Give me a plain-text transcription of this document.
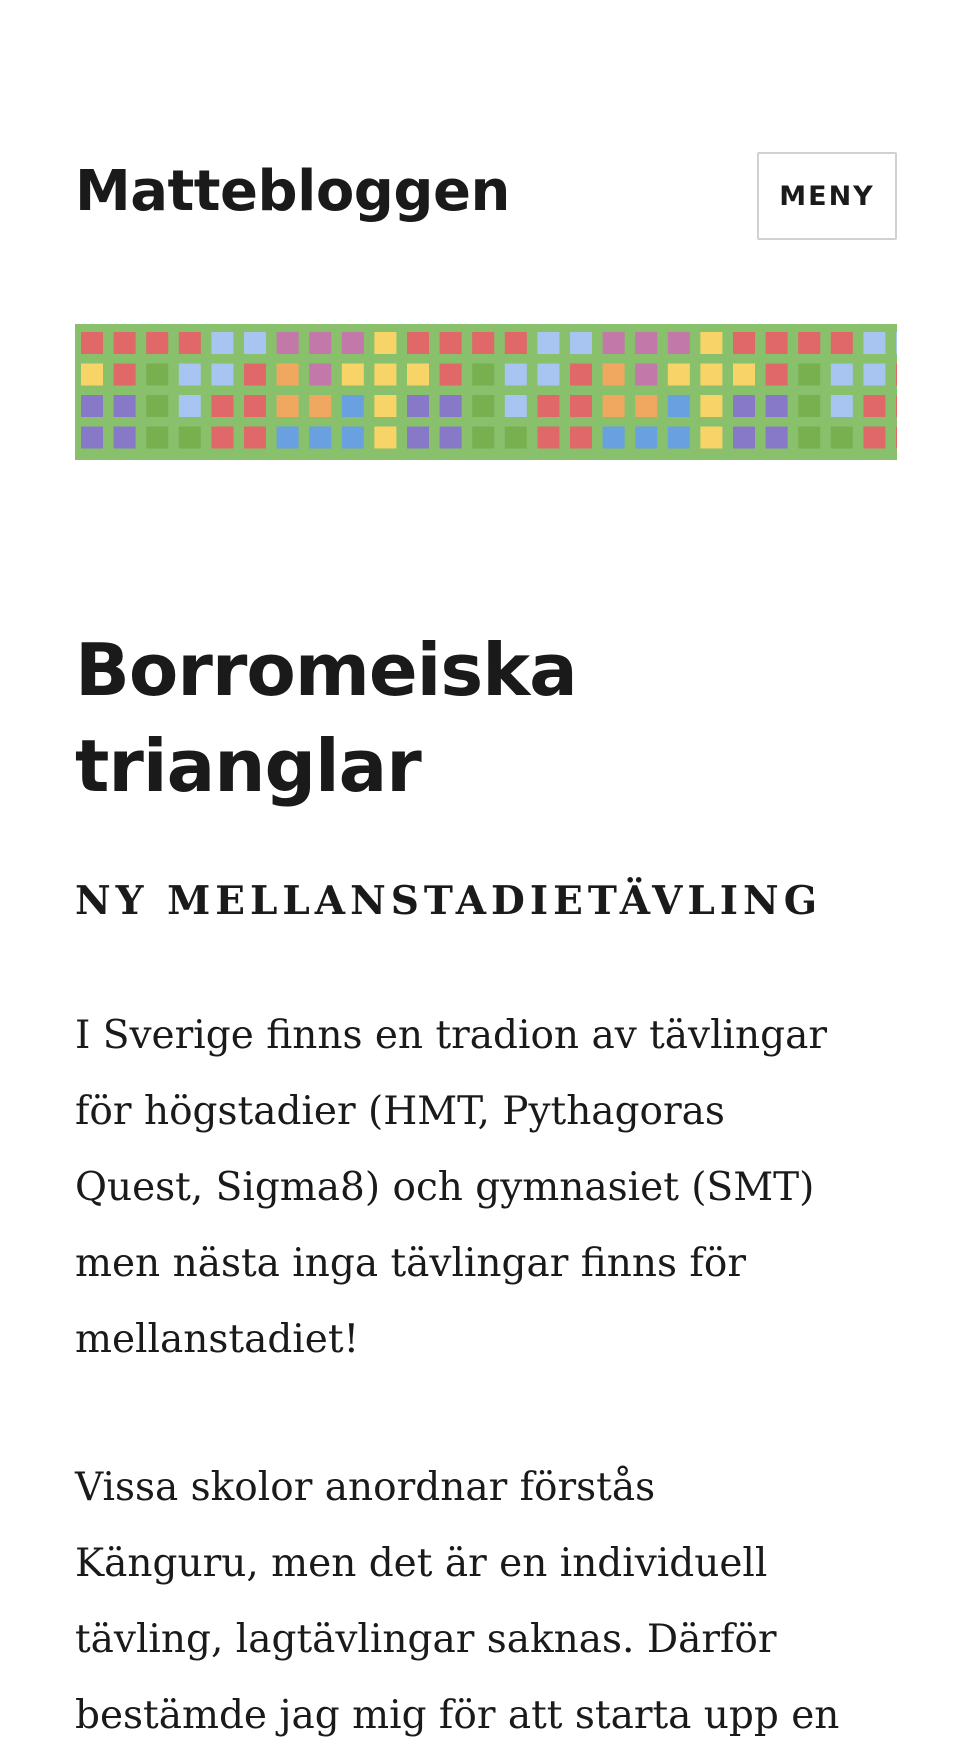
Mattebloggen	MENY
Borromeiska trianglar
NY MELLANSTADIETÄVLING

I Sverige finns en tradion av tävlingar
för högstadier (HMT, Pythagoras
Quest, Sigma8) och gymnasiet (SMT)
men nästa inga tävlingar finns för
mellanstadiet!

Vissa skolor anordnar förstås
Känguru, men det är en individuell
tävling, lagtävlingar saknas. Därför
bestämde jag mig för att starta upp en
